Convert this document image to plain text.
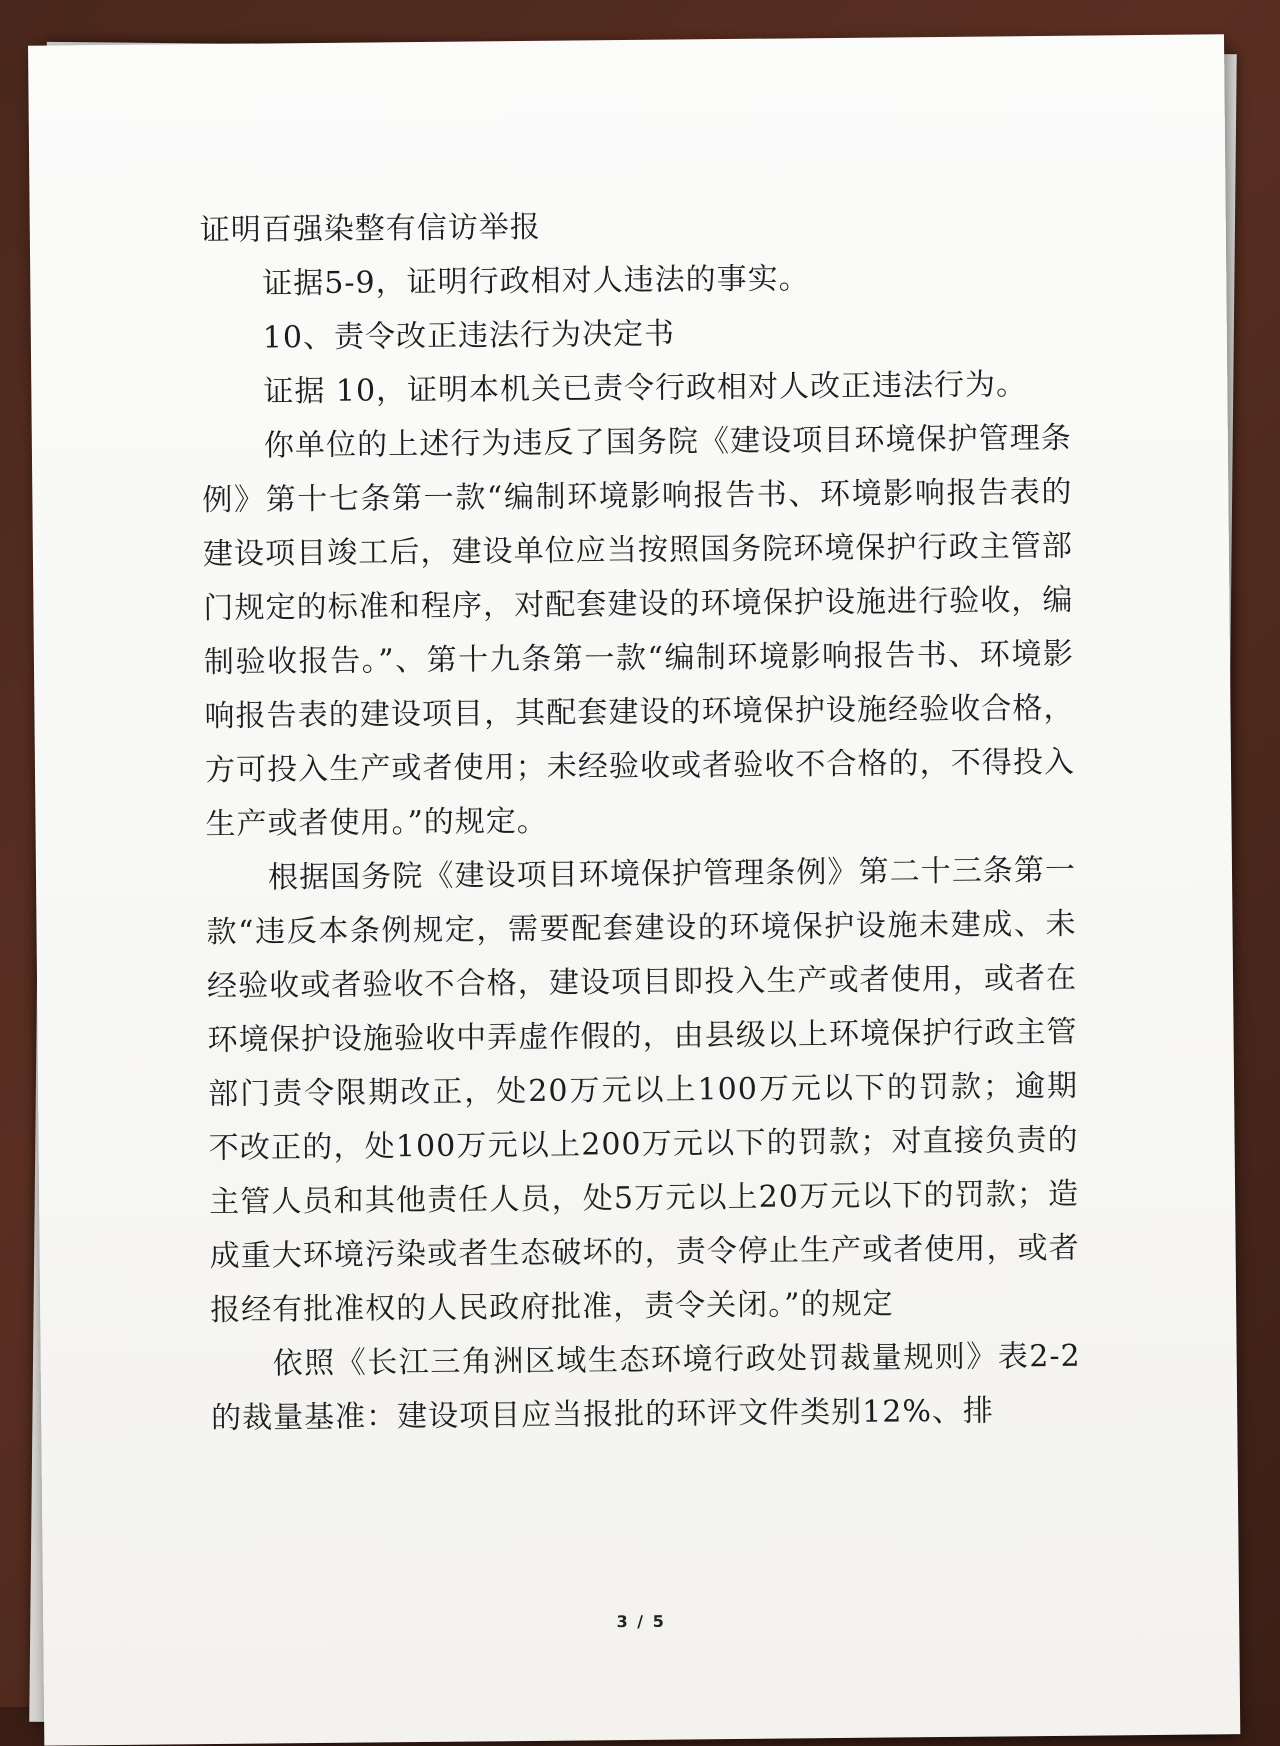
证明百强染整有信访举报

证据5-9，证明行政相对人违法的事实。

10、责令改正违法行为决定书

证据 10，证明本机关已责令行政相对人改正违法行为。

你单位的上述行为违反了国务院《建设项目环境保护管理条例》第十七条第一款“编制环境影响报告书、环境影响报告表的建设项目竣工后，建设单位应当按照国务院环境保护行政主管部门规定的标准和程序，对配套建设的环境保护设施进行验收，编制验收报告。”、第十九条第一款“编制环境影响报告书、环境影响报告表的建设项目，其配套建设的环境保护设施经验收合格，方可投入生产或者使用；未经验收或者验收不合格的，不得投入生产或者使用。”的规定。

根据国务院《建设项目环境保护管理条例》第二十三条第一款“违反本条例规定，需要配套建设的环境保护设施未建成、未经验收或者验收不合格，建设项目即投入生产或者使用，或者在环境保护设施验收中弄虚作假的，由县级以上环境保护行政主管部门责令限期改正，处20万元以上100万元以下的罚款；逾期不改正的，处100万元以上200万元以下的罚款；对直接负责的主管人员和其他责任人员，处5万元以上20万元以下的罚款；造成重大环境污染或者生态破坏的，责令停止生产或者使用，或者报经有批准权的人民政府批准，责令关闭。”的规定

依照《长江三角洲区域生态环境行政处罚裁量规则》表2-2的裁量基准：建设项目应当报批的环评文件类别12%、排

3 / 5
